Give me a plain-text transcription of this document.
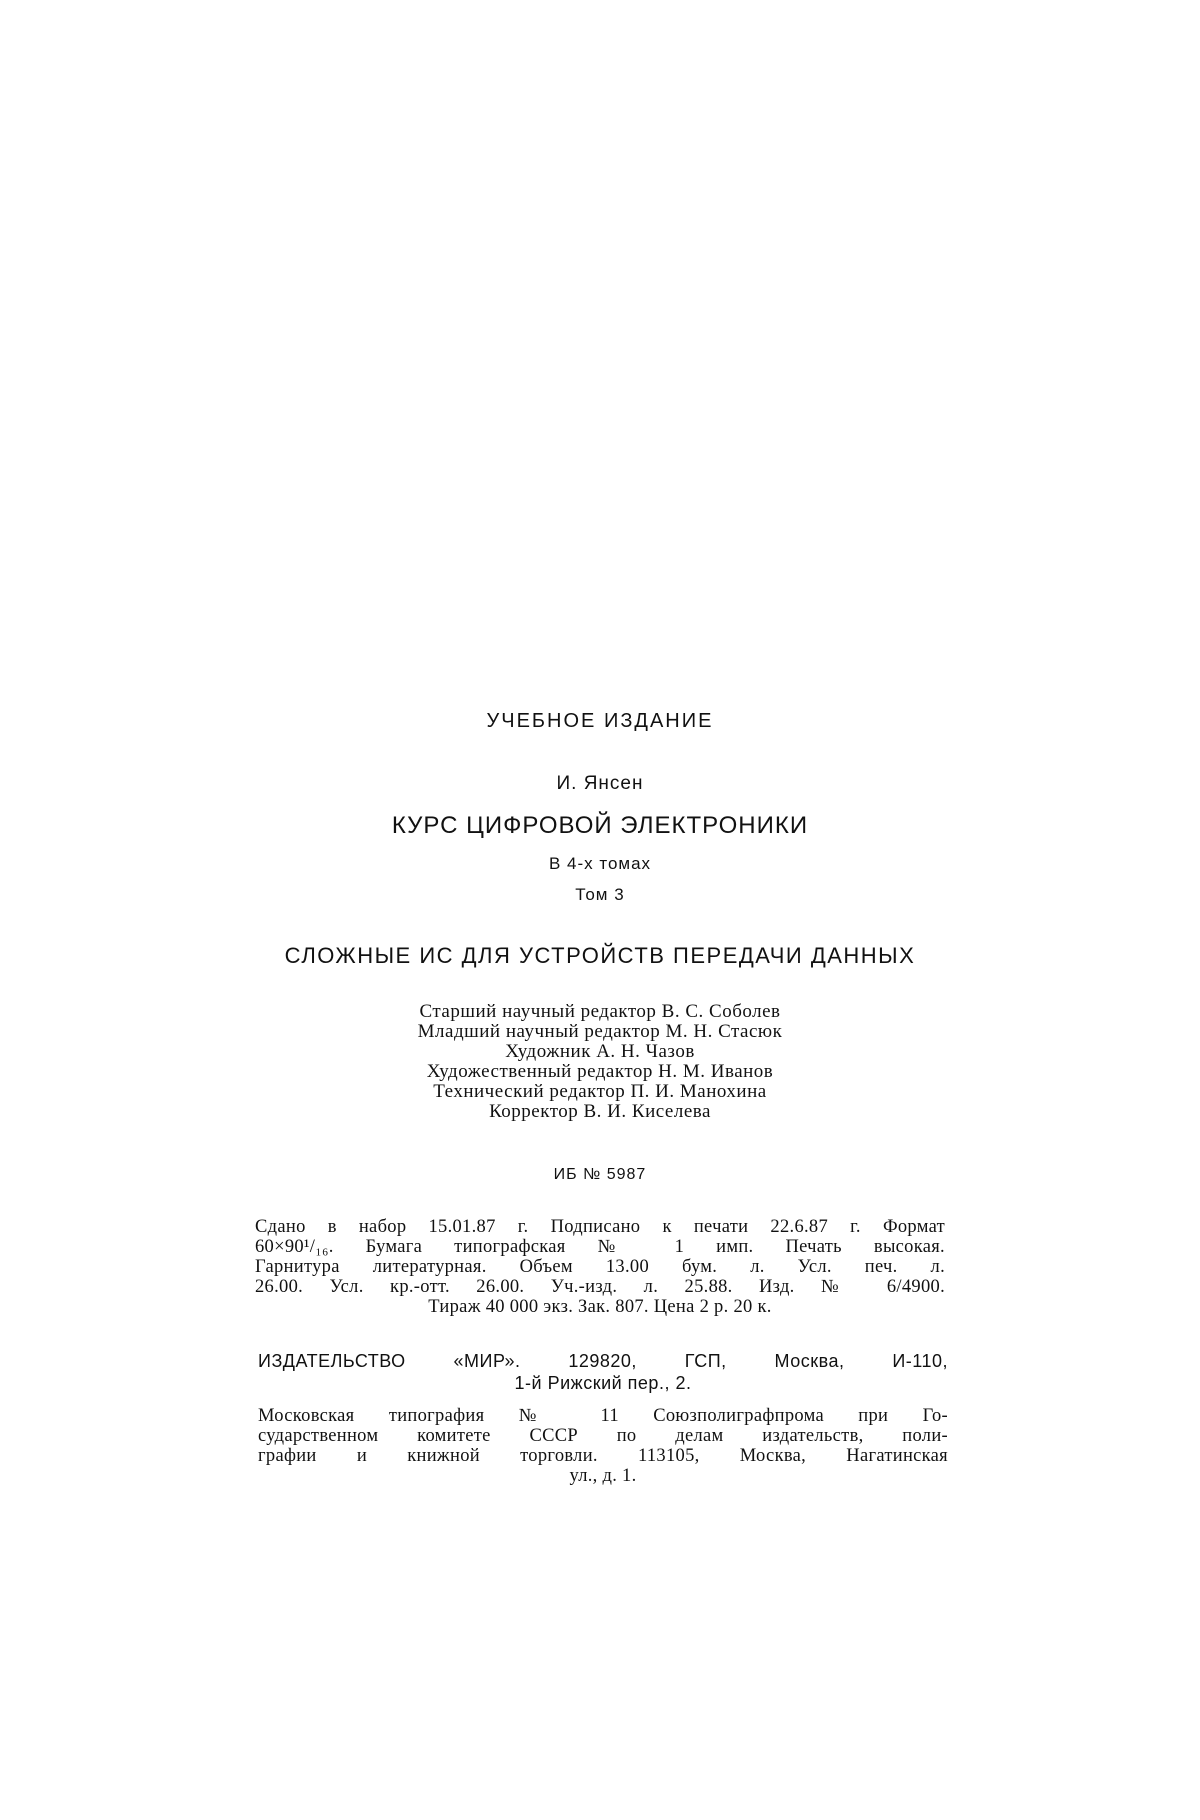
УЧЕБНОЕ ИЗДАНИЕ
И. Янсен
КУРС ЦИФРОВОЙ ЭЛЕКТРОНИКИ
В 4-х томах
Том 3
СЛОЖНЫЕ ИС ДЛЯ УСТРОЙСТВ ПЕРЕДАЧИ ДАННЫХ
Старший научный редактор В. С. Соболев
Младший научный редактор М. Н. Стасюк
Художник А. Н. Чазов
Художественный редактор Н. М. Иванов
Технический редактор П. И. Манохина
Корректор В. И. Киселева
ИБ № 5987
Сдано в набор 15.01.87 г. Подписано к печати 22.6.87 г. Формат
60×90¹/₁₆. Бумага типографская № 1 имп. Печать высокая.
Гарнитура литературная. Объем 13.00 бум. л. Усл. печ. л.
26.00. Усл. кр.-отт. 26.00. Уч.-изд. л. 25.88. Изд. № 6/4900.
Тираж 40 000 экз. Зак. 807. Цена 2 р. 20 к.
ИЗДАТЕЛЬСТВО «МИР». 129820, ГСП, Москва, И-110,
1-й Рижский пер., 2.
Московская типография № 11 Союзполиграфпрома при Го-
сударственном комитете СССР по делам издательств, поли-
графии и книжной торговли. 113105, Москва, Нагатинская
ул., д. 1.
